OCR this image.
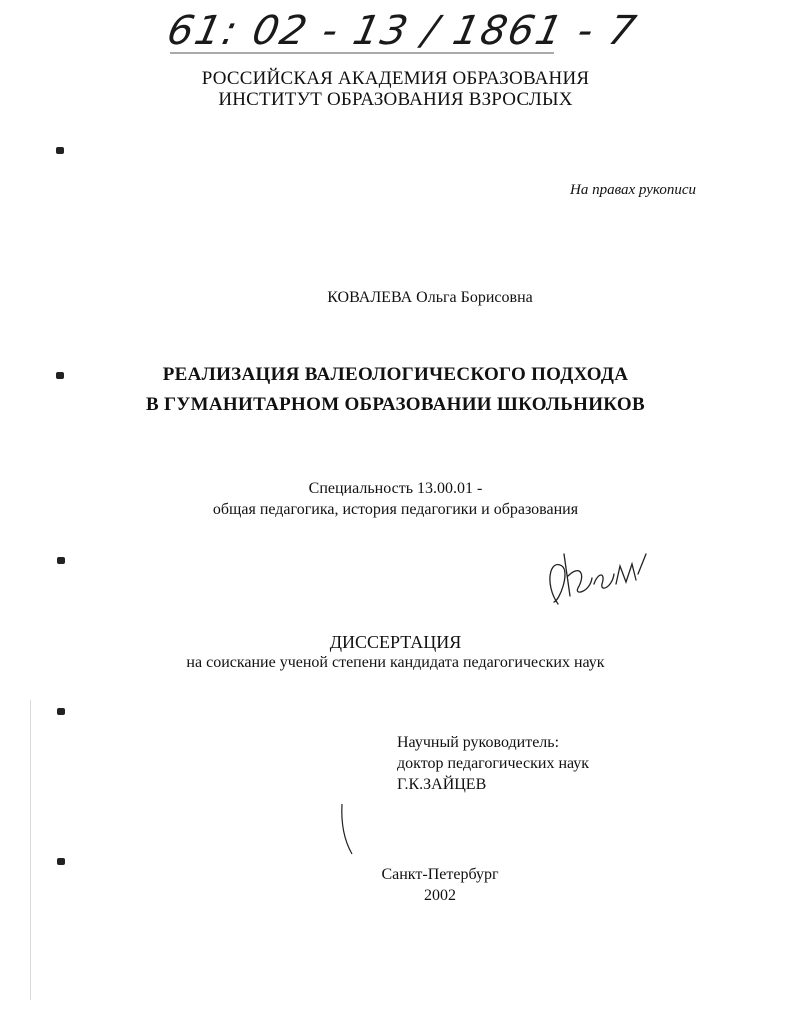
61: 02 - 13 / 1861 - 7
РОССИЙСКАЯ АКАДЕМИЯ ОБРАЗОВАНИЯ
ИНСТИТУТ ОБРАЗОВАНИЯ ВЗРОСЛЫХ
На правах рукописи
КОВАЛЕВА Ольга Борисовна
РЕАЛИЗАЦИЯ ВАЛЕОЛОГИЧЕСКОГО ПОДХОДА
В ГУМАНИТАРНОМ ОБРАЗОВАНИИ ШКОЛЬНИКОВ
Специальность 13.00.01 -
общая педагогика, история педагогики и образования
ДИССЕРТАЦИЯ
на соискание ученой степени кандидата педагогических наук
Научный руководитель:
доктор педагогических наук
Г.К.ЗАЙЦЕВ
Санкт-Петербург
2002
